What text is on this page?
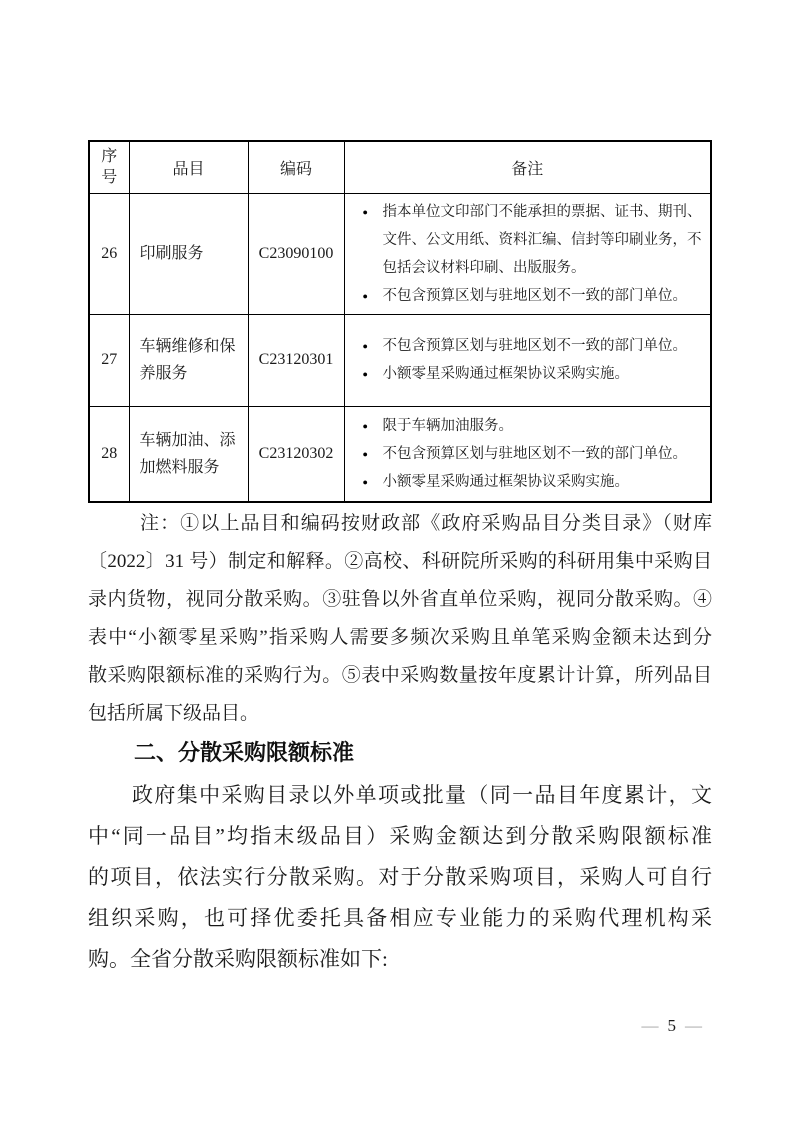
序号	品目	编码	备注
26	印刷服务	C23090100	
●	指本单位文印部门不能承担的票据、证书、期刊、文件、公文用纸、资料汇编、信封等印刷业务，不包括会议材料印刷、出版服务。
●	不包含预算区划与驻地区划不一致的部门单位。

27	车辆维修和保养服务	C23120301	
●	不包含预算区划与驻地区划不一致的部门单位。
●	小额零星采购通过框架协议采购实施。

28	车辆加油、添加燃料服务	C23120302	
●	限于车辆加油服务。
●	不包含预算区划与驻地区划不一致的部门单位。
●	小额零星采购通过框架协议采购实施。
注：①以上品目和编码按财政部《政府采购品目分类目录》（财库
〔2022〕31 号）制定和解释。②高校、科研院所采购的科研用集中采购目
录内货物，视同分散采购。③驻鲁以外省直单位采购，视同分散采购。④
表中“小额零星采购”指采购人需要多频次采购且单笔采购金额未达到分
散采购限额标准的采购行为。⑤表中采购数量按年度累计计算，所列品目
包括所属下级品目。
二、分散采购限额标准
政府集中采购目录以外单项或批量（同一品目年度累计，文
中“同一品目”均指末级品目）采购金额达到分散采购限额标准
的项目，依法实行分散采购。对于分散采购项目，采购人可自行
组织采购，也可择优委托具备相应专业能力的采购代理机构采
购。全省分散采购限额标准如下:
— 5 —
